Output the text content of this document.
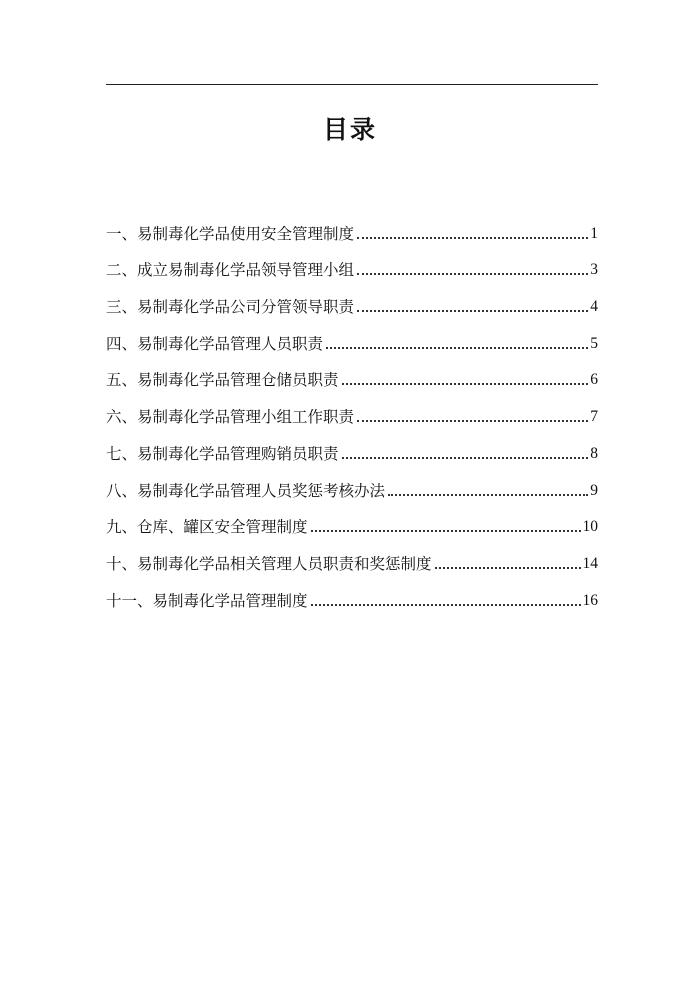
目录
一、易制毒化学品使用安全管理制度	1
二、成立易制毒化学品领导管理小组	3
三、易制毒化学品公司分管领导职责	4
四、易制毒化学品管理人员职责	5
五、易制毒化学品管理仓储员职责	6
六、易制毒化学品管理小组工作职责	7
七、易制毒化学品管理购销员职责	8
八、易制毒化学品管理人员奖惩考核办法	9
九、仓库、罐区安全管理制度	10
十、易制毒化学品相关管理人员职责和奖惩制度	14
十一、易制毒化学品管理制度	16
